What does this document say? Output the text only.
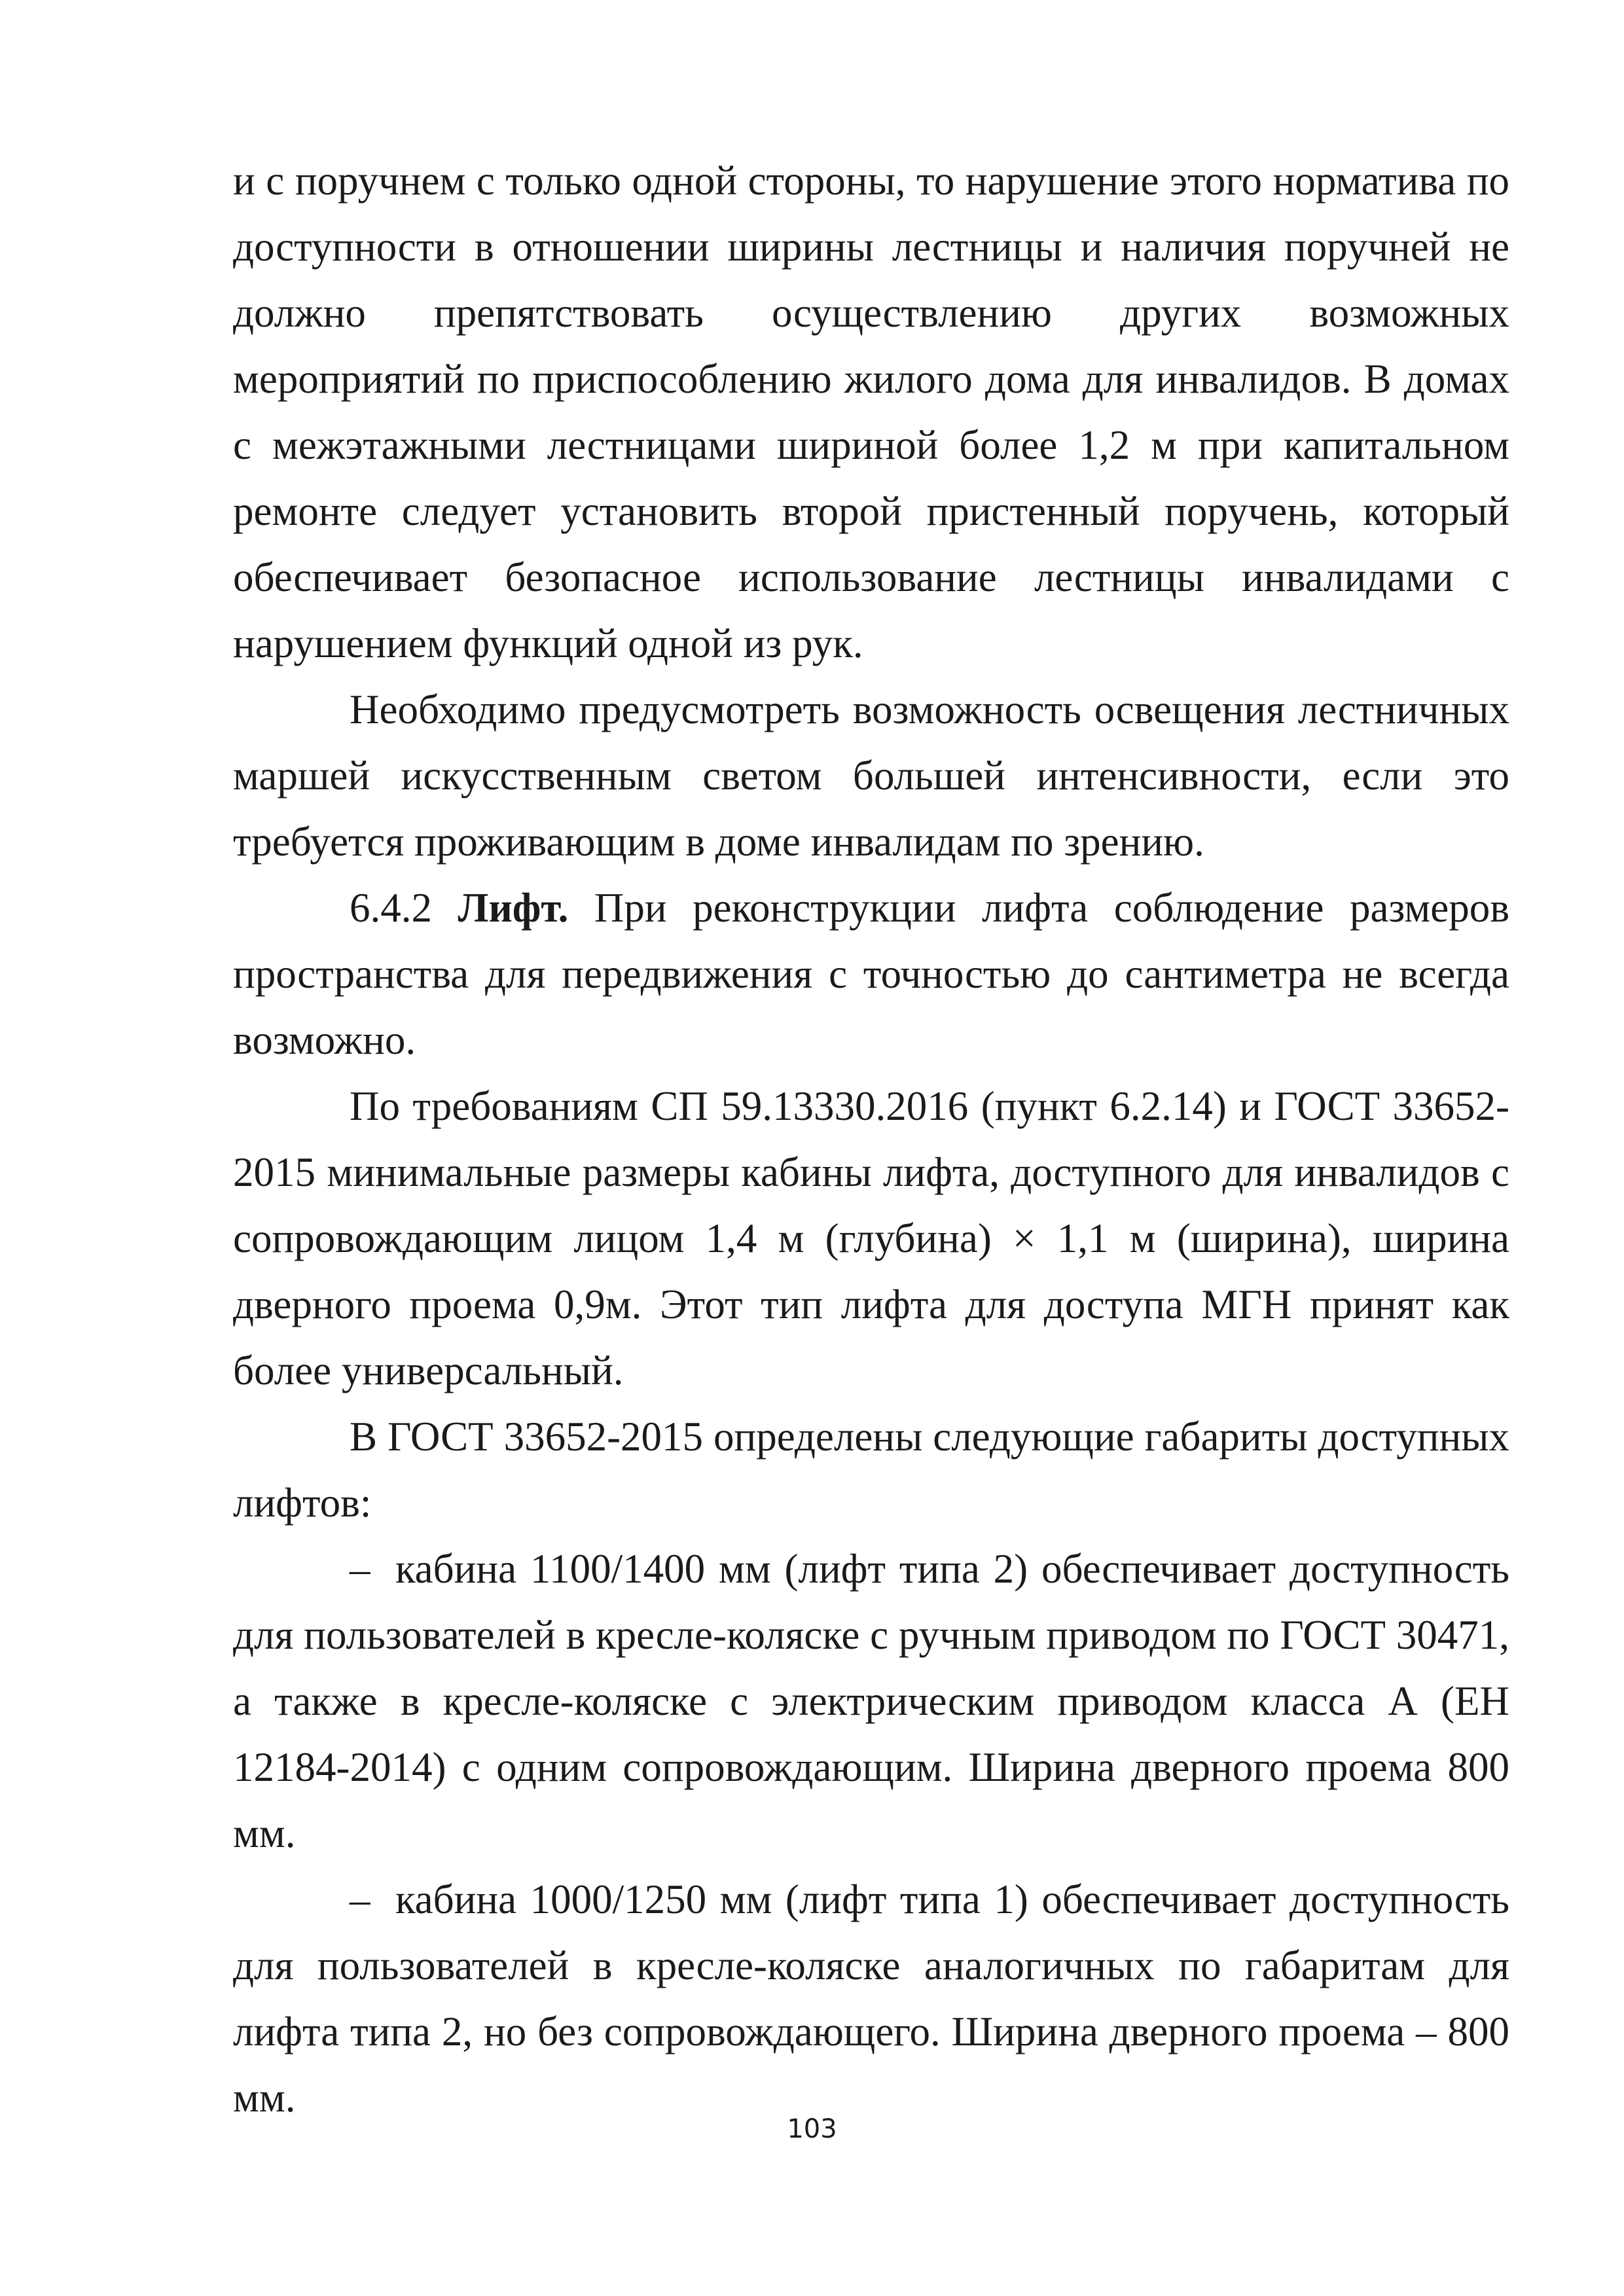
и с поручнем с только одной стороны, то нарушение этого норматива по доступности в отношении ширины лестницы и наличия поручней не должно препятствовать осуществлению других возможных мероприятий по приспособлению жилого дома для инвалидов. В домах с межэтажными лестницами шириной более 1,2 м при капитальном ремонте следует установить второй пристенный поручень, который обеспечивает безопасное использование лестницы инвалидами с нарушением функций одной из рук.

Необходимо предусмотреть возможность освещения лестничных маршей искусственным светом большей интенсивности, если это требуется проживающим в доме инвалидам по зрению.

6.4.2 Лифт. При реконструкции лифта соблюдение размеров пространства для передвижения с точностью до сантиметра не всегда возможно.

По требованиям СП 59.13330.2016 (пункт 6.2.14) и ГОСТ 33652-2015 минимальные размеры кабины лифта, доступного для инвалидов с сопровождающим лицом 1,4 м (глубина) × 1,1 м (ширина), ширина дверного проема 0,9м. Этот тип лифта для доступа МГН принят как более универсальный.

В ГОСТ 33652-2015 определены следующие габариты доступных лифтов:

– кабина 1100/1400 мм (лифт типа 2) обеспечивает доступность для пользователей в кресле-коляске с ручным приводом по ГОСТ 30471, а также в кресле-коляске с электрическим приводом класса А (ЕН 12184-2014) с одним сопровождающим. Ширина дверного проема 800 мм.

– кабина 1000/1250 мм (лифт типа 1) обеспечивает доступность для пользователей в кресле-коляске аналогичных по габаритам для лифта типа 2, но без сопровождающего. Ширина дверного проема – 800 мм.

103
